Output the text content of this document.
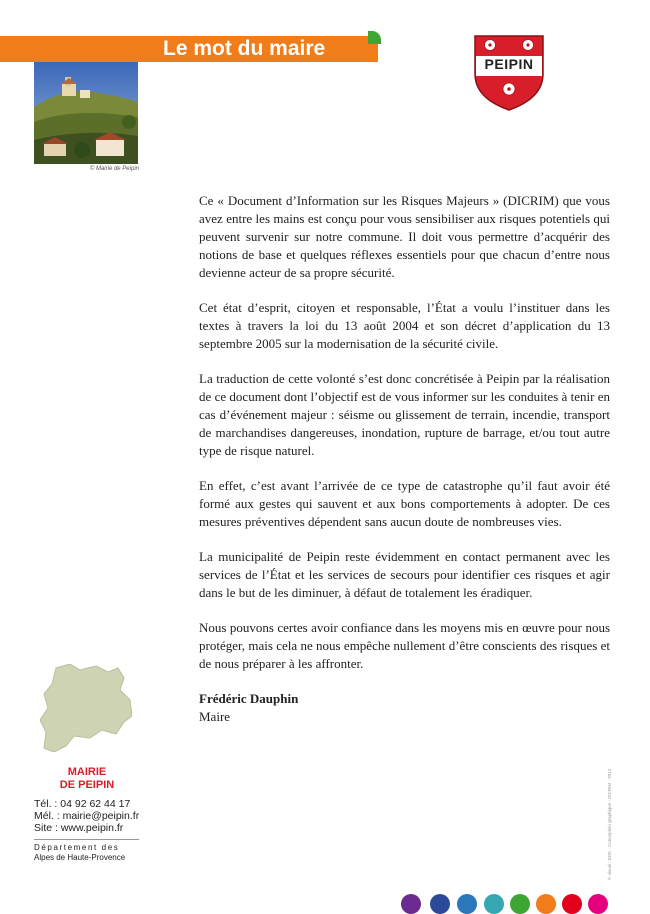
Le mot du maire
© Mairie de Peipin
PEIPIN

Ce « Document d’Information sur les Risques Majeurs » (DICRIM) que vous avez entre les mains est conçu pour vous sensibiliser aux risques potentiels qui peuvent survenir sur notre commune. Il doit vous permettre d’acquérir des notions de base et quelques réflexes essentiels pour que chacun d’entre nous devienne acteur de sa propre sécurité.

Cet état d’esprit, citoyen et responsable, l’État a voulu l’instituer dans les textes à travers la loi du 13 août 2004 et son décret d’application du 13 septembre 2005 sur la modernisation de la sécurité civile.

La traduction de cette volonté s’est donc concrétisée à Peipin par la réalisation de ce document dont l’objectif est de vous informer sur les conduites à tenir en cas d’événement majeur : séisme ou glissement de terrain, incendie, transport de marchandises dangereuses, inondation, rupture de barrage, et/ou tout autre type de risque naturel.

En effet, c’est avant l’arrivée de ce type de catastrophe qu’il faut avoir été formé aux gestes qui sauvent et aux bons comportements à adopter. De ces mesures préventives dépendent sans aucun doute de nombreuses vies.

La municipalité de Peipin reste évidemment en contact permanent avec les services de l’État et les services de secours pour identifier ces risques et agir dans le but de les diminuer, à défaut de totalement les éradiquer.

Nous pouvons certes avoir confiance dans les moyens mis en œuvre pour nous protéger, mais cela ne nous empêche nullement d’être conscients des risques et de nous préparer à les affronter.

Frédéric Dauphin
Maire
MAIRIE
DE PEIPIN
Tél. : 04 92 62 44 17
Mél. : mairie@peipin.fr
Site : www.peipin.fr
Département des
Alpes de Haute-Provence	© visuel : EDK · Conception graphique · DICRIM · 2012
